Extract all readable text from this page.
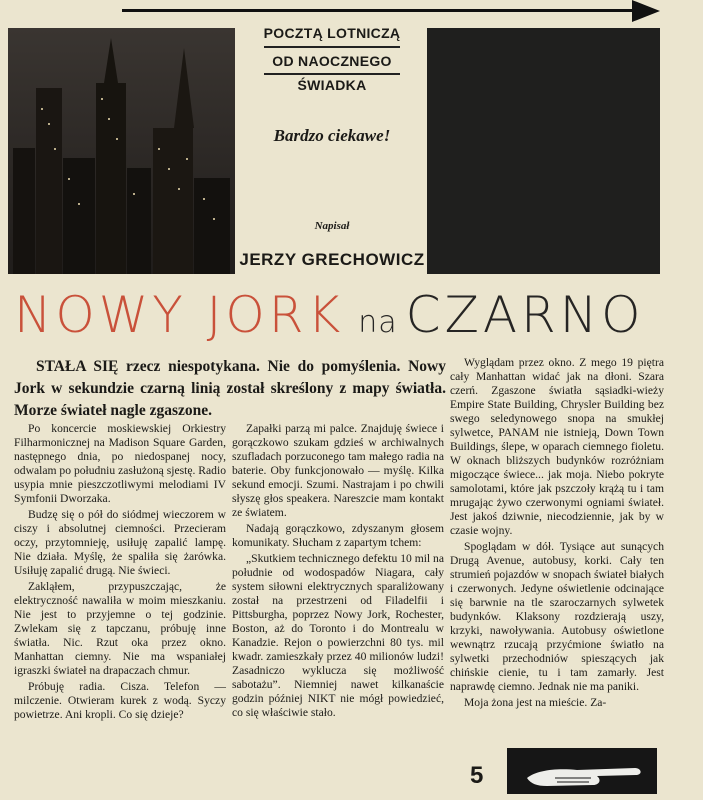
POCZTĄ LOTNICZĄ
OD NAOCZNEGO
ŚWIADKA
Bardzo ciekawe!
Napisał
JERZY GRECHOWICZ
NOWY JORK na CZARNO
STAŁA SIĘ rzecz niespotykana. Nie do pomyślenia. Nowy Jork w sekundzie czarną linią został skreślony z mapy światła. Morze świateł nagle zgaszone.

Po koncercie moskiewskiej Orkiestry Filharmonicznej na Madison Square Garden, następnego dnia, po niedospanej nocy, odwalam po południu zasłużoną sjestę. Radio usypia mnie pieszczotliwymi melodiami IV Symfonii Dworzaka.

Budzę się o pół do siódmej wieczorem w ciszy i absolutnej ciemności. Przecieram oczy, przytomnieję, usiłuję zapalić lampę. Nie działa. Myślę, że spaliła się żarówka. Usiłuję zapalić drugą. Nie świeci.

Zakląłem, przypuszczając, że elektryczność nawaliła w moim mieszkaniu. Nie jest to przyjemne o tej godzinie. Zwlekam się z tapczanu, próbuję inne światła. Nic. Rzut oka przez okno. Manhattan ciemny. Nie ma wspaniałej igraszki świateł na drapaczach chmur.

Próbuję radia. Cisza. Telefon — milczenie. Otwieram kurek z wodą. Syczy powietrze. Ani kropli. Co się dzieje?

Zapałki parzą mi palce. Znajduję świece i gorączkowo szukam gdzieś w archiwalnych szufladach porzuconego tam małego radia na baterie. Oby funkcjonowało — myślę. Kilka sekund emocji. Szumi. Nastrajam i po chwili słyszę głos speakera. Nareszcie mam kontakt ze światem.

Nadają gorączkowo, zdyszanym głosem komunikaty. Słucham z zapartym tchem:

„Skutkiem technicznego defektu 10 mil na południe od wodospadów Niagara, cały system siłowni elektrycznych sparaliżowany został na przestrzeni od Filadelfii i Pittsburgha, poprzez Nowy Jork, Rochester, Boston, aż do Toronto i do Montrealu w Kanadzie. Rejon o powierzchni 80 tys. mil kwadr. zamieszkały przez 40 milionów ludzi! Zasadniczo wyklucza się możliwość sabotażu”. Niemniej nawet kilkanaście godzin później NIKT nie mógł powiedzieć, co się właściwie stało.

Wyglądam przez okno. Z mego 19 piętra cały Manhattan widać jak na dłoni. Szara czerń. Zgaszone światła sąsiadki-wieży Empire State Building, Chrysler Building bez swego seledynowego snopa na smukłej sylwetce, PANAM nie istnieją, Down Town Buildings, ślepe, w oparach ciemnego fioletu. W oknach bliższych budynków rozróżniam migoczące świece... jak moja. Niebo pokryte samolotami, które jak pszczoły krążą tu i tam mrugając żywo czerwonymi ogniami świateł. Jest jakoś dziwnie, niecodziennie, jak by w czasie wojny.

Spoglądam w dół. Tysiące aut sunących Drugą Avenue, autobusy, korki. Cały ten strumień pojazdów w snopach świateł białych i czerwonych. Jedyne oświetlenie odcinające się barwnie na tle szaroczarnych sylwetek budynków. Klaksony rozdzierają uszy, krzyki, nawoływania. Autobusy oświetlone wewnątrz rzucają przyćmione światło na sylwetki przechodniów spieszących jak chińskie cienie, tu i tam zamarły. Jest naprawdę ciemno. Jednak nie ma paniki.

Moja żona jest na mieście. Za-

5
